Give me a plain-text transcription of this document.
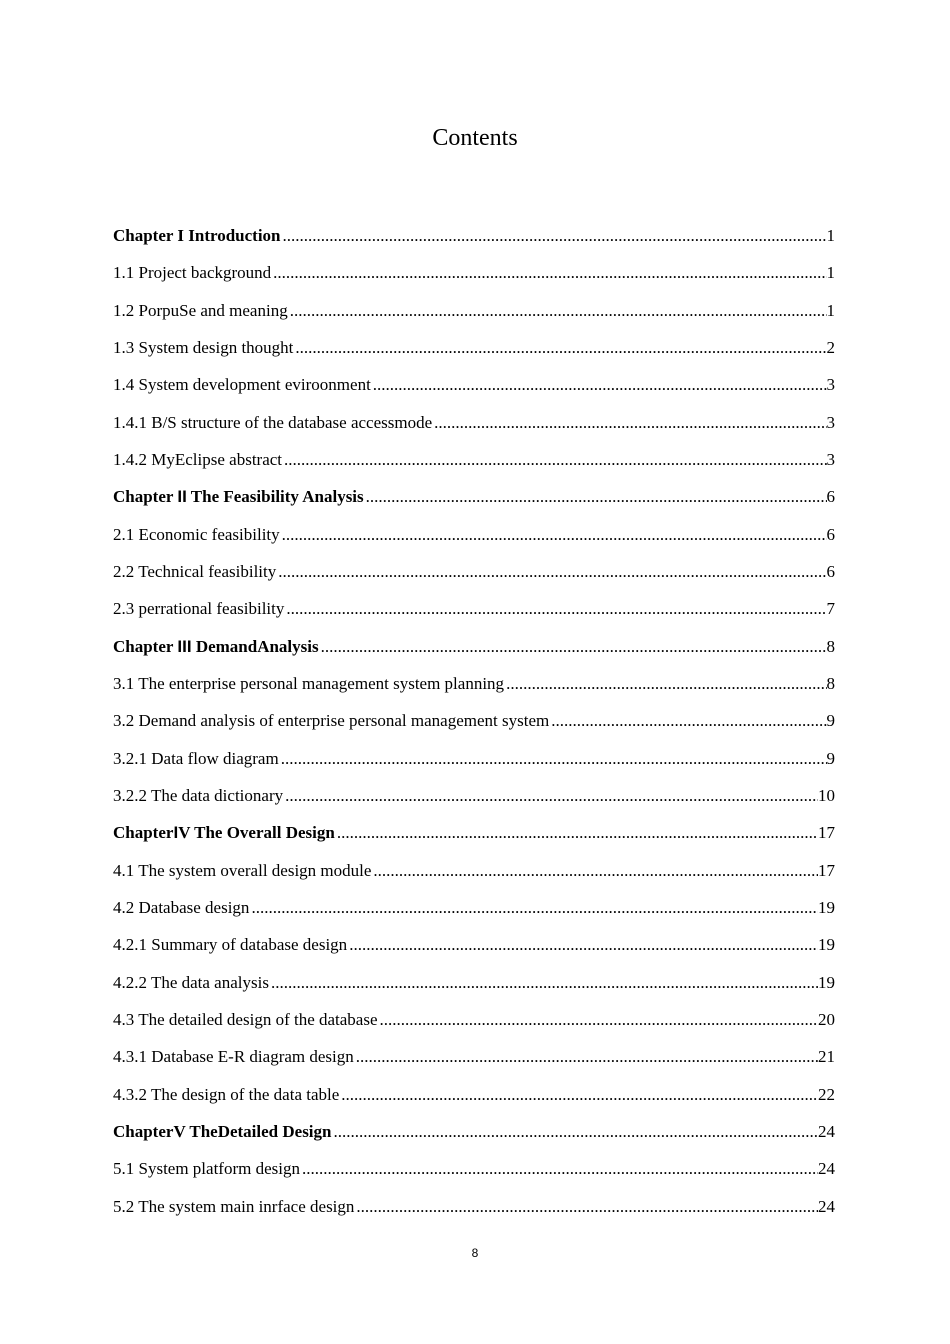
Contents
Chapter I Introduction .....	1
1.1 Project background .....	1
1.2 PorpuSe and meaning .....	1
1.3 System design thought .....	2
1.4 System development eviroonment .....	3
1.4.1 B/S structure of the database accessmode .....	3
1.4.2 MyEclipse abstract .....	3
Chapter II The Feasibility Analysis .....	6
2.1 Economic feasibility .....	6
2.2 Technical feasibility .....	6
2.3 perrational feasibility .....	7
Chapter III DemandAnalysis .....	8
3.1 The enterprise personal management system planning .....	8
3.2 Demand analysis of enterprise personal management system .....	9
3.2.1 Data flow diagram .....	9
3.2.2 The data dictionary .....	10
ChapterIV The Overall Design .....	17
4.1 The system overall design module .....	17
4.2 Database design .....	19
4.2.1 Summary of database design .....	19
4.2.2 The data analysis .....	19
4.3 The detailed design of the database .....	20
4.3.1 Database E-R diagram design .....	21
4.3.2 The design of the data table .....	22
ChapterV TheDetailed Design .....	24
5.1 System platform design .....	24
5.2 The system main inrface design .....	24
8
